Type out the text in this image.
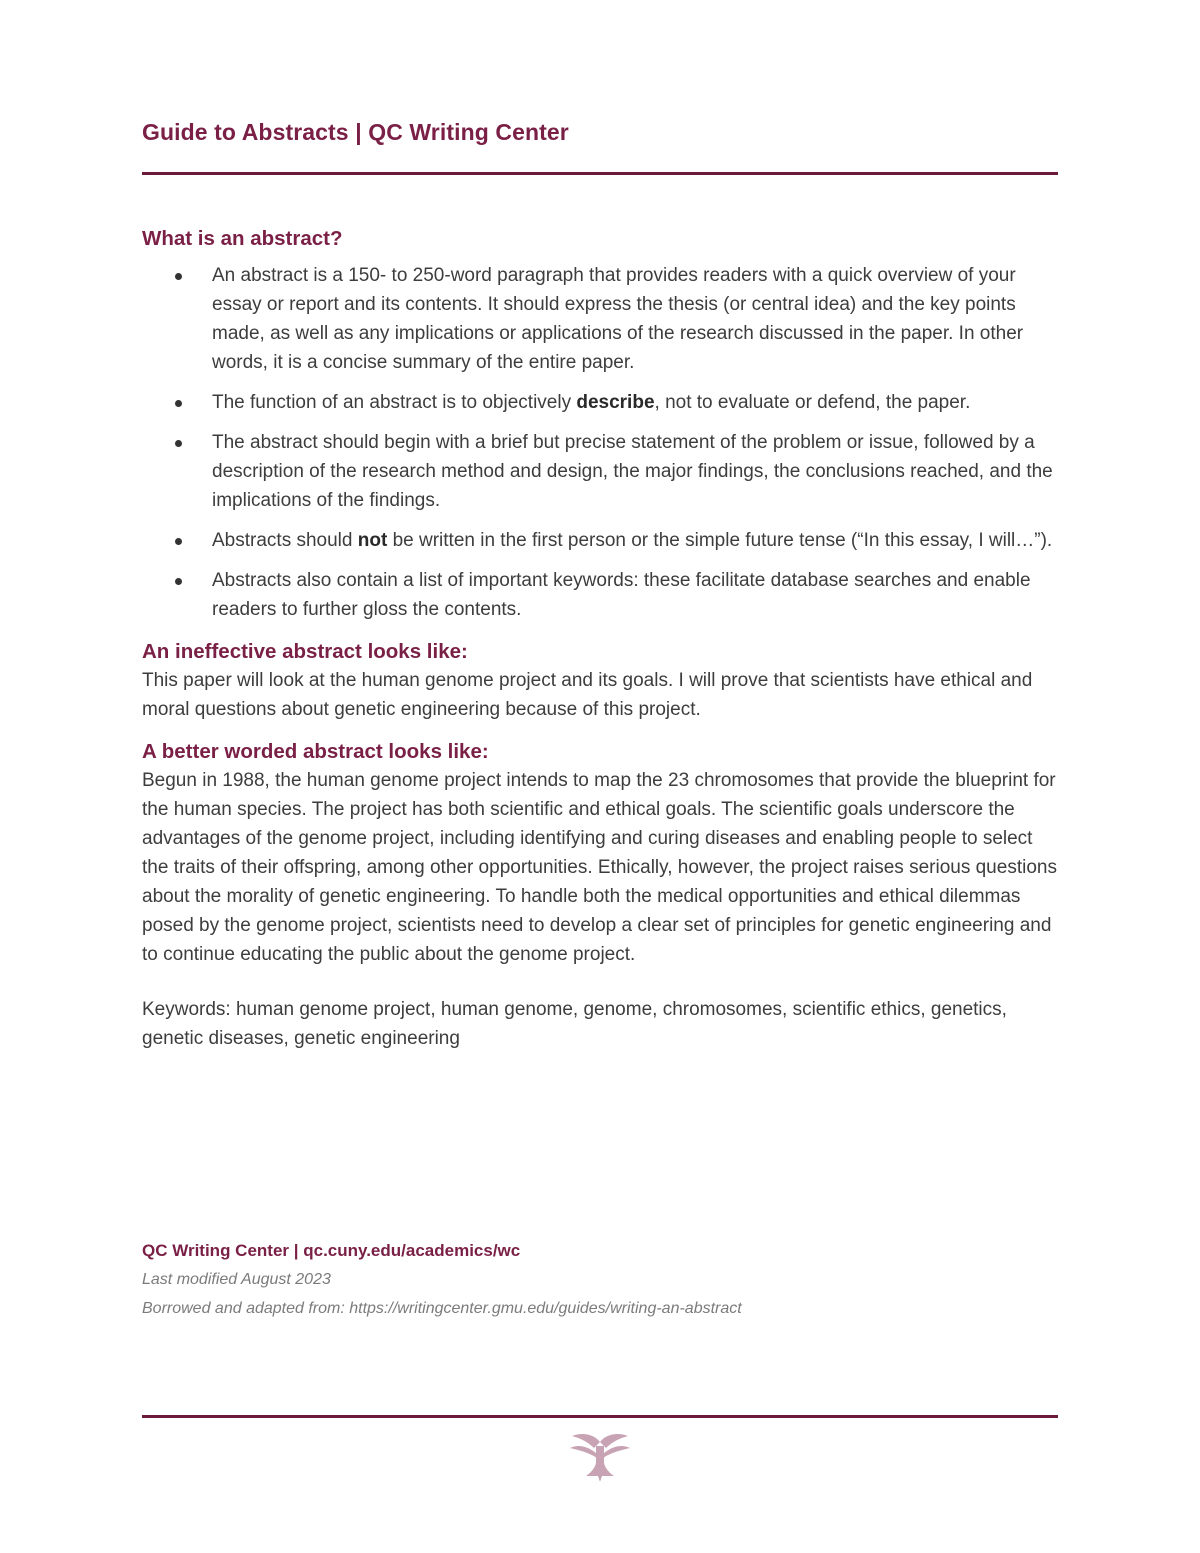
Guide to Abstracts | QC Writing Center
What is an abstract?
An abstract is a 150- to 250-word paragraph that provides readers with a quick overview of your essay or report and its contents. It should express the thesis (or central idea) and the key points made, as well as any implications or applications of the research discussed in the paper. In other words, it is a concise summary of the entire paper.
The function of an abstract is to objectively describe, not to evaluate or defend, the paper.
The abstract should begin with a brief but precise statement of the problem or issue, followed by a description of the research method and design, the major findings, the conclusions reached, and the implications of the findings.
Abstracts should not be written in the first person or the simple future tense (“In this essay, I will…”).
Abstracts also contain a list of important keywords: these facilitate database searches and enable readers to further gloss the contents.
An ineffective abstract looks like:

This paper will look at the human genome project and its goals. I will prove that scientists have ethical and moral questions about genetic engineering because of this project.

A better worded abstract looks like:

Begun in 1988, the human genome project intends to map the 23 chromosomes that provide the blueprint for the human species. The project has both scientific and ethical goals. The scientific goals underscore the advantages of the genome project, including identifying and curing diseases and enabling people to select the traits of their offspring, among other opportunities. Ethically, however, the project raises serious questions about the morality of genetic engineering. To handle both the medical opportunities and ethical dilemmas posed by the genome project, scientists need to develop a clear set of principles for genetic engineering and to continue educating the public about the genome project.

Keywords: human genome project, human genome, genome, chromosomes, scientific ethics, genetics, genetic diseases, genetic engineering

QC Writing Center | qc.cuny.edu/academics/wc
Last modified August 2023
Borrowed and adapted from: https://writingcenter.gmu.edu/guides/writing-an-abstract
